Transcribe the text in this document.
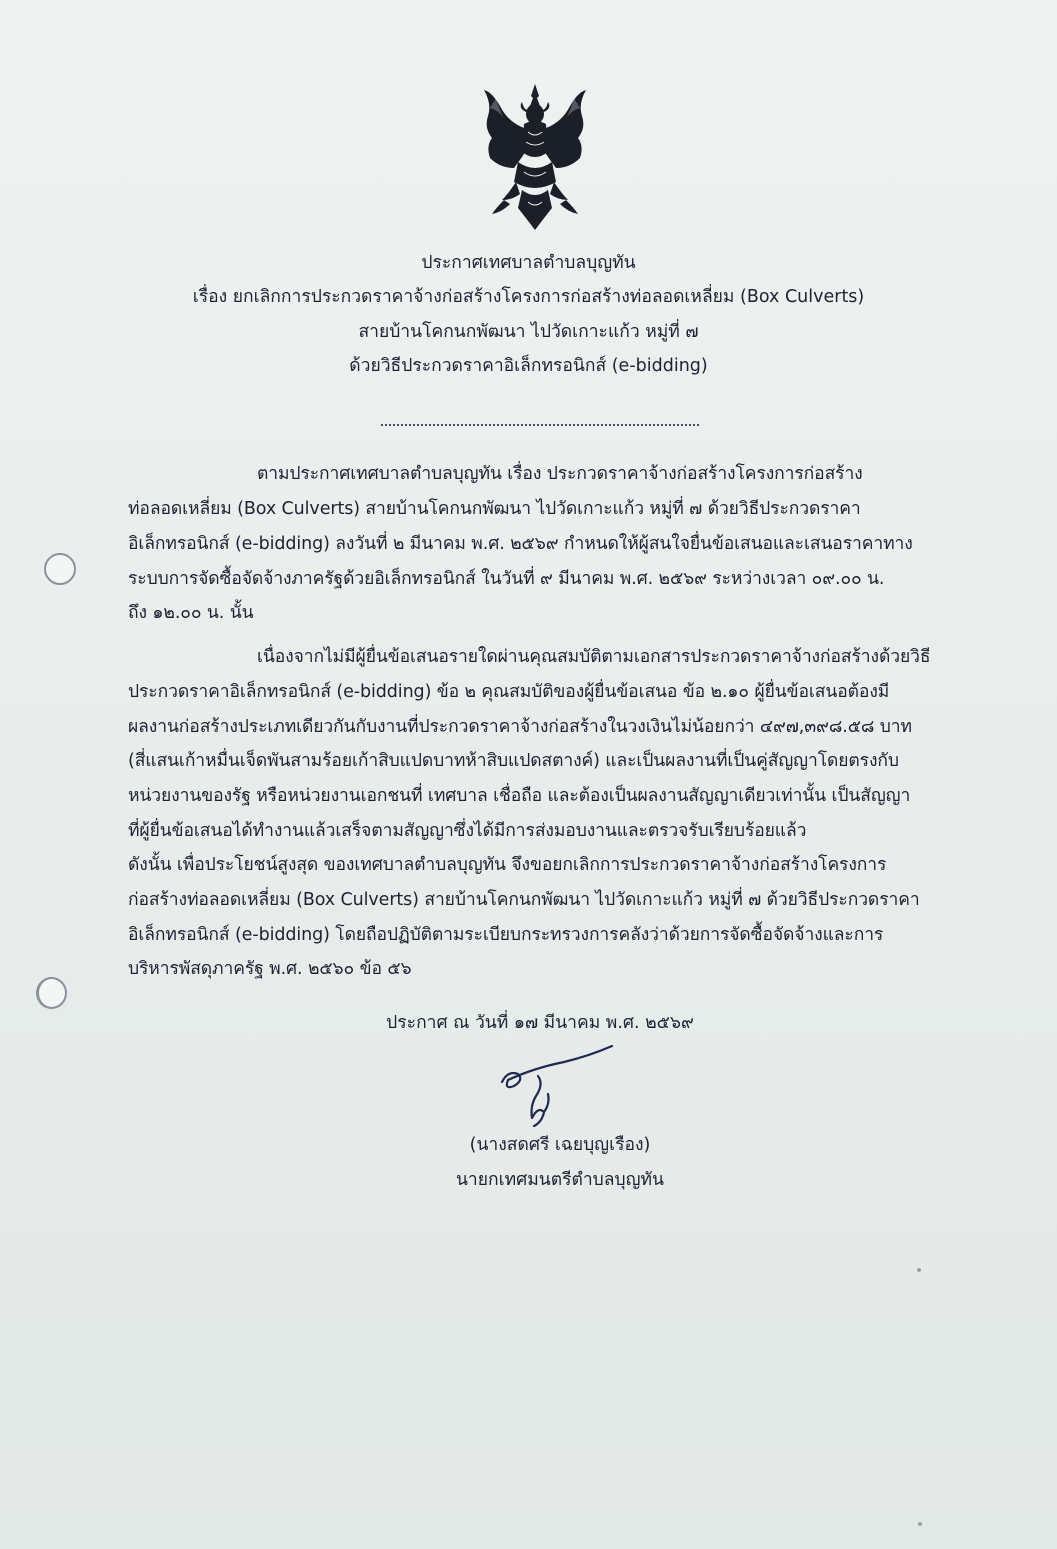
ประกาศเทศบาลตำบลบุญทัน
เรื่อง ยกเลิกการประกวดราคาจ้างก่อสร้างโครงการก่อสร้างท่อลอดเหลี่ยม (Box Culverts)
สายบ้านโคกนกพัฒนา ไปวัดเกาะแก้ว หมู่ที่ ๗
ด้วยวิธีประกวดราคาอิเล็กทรอนิกส์ (e-bidding)
ตามประกาศเทศบาลตำบลบุญทัน เรื่อง ประกวดราคาจ้างก่อสร้างโครงการก่อสร้าง
ท่อลอดเหลี่ยม (Box Culverts) สายบ้านโคกนกพัฒนา ไปวัดเกาะแก้ว หมู่ที่ ๗ ด้วยวิธีประกวดราคา
อิเล็กทรอนิกส์ (e-bidding) ลงวันที่ ๒ มีนาคม พ.ศ. ๒๕๖๙ กำหนดให้ผู้สนใจยื่นข้อเสนอและเสนอราคาทาง
ระบบการจัดซื้อจัดจ้างภาครัฐด้วยอิเล็กทรอนิกส์ ในวันที่ ๙ มีนาคม พ.ศ. ๒๕๖๙ ระหว่างเวลา ๐๙.๐๐ น.
ถึง ๑๒.๐๐ น. นั้น
เนื่องจากไม่มีผู้ยื่นข้อเสนอรายใดผ่านคุณสมบัติตามเอกสารประกวดราคาจ้างก่อสร้างด้วยวิธี
ประกวดราคาอิเล็กทรอนิกส์ (e-bidding) ข้อ ๒ คุณสมบัติของผู้ยื่นข้อเสนอ ข้อ ๒.๑๐ ผู้ยื่นข้อเสนอต้องมี
ผลงานก่อสร้างประเภทเดียวกันกับงานที่ประกวดราคาจ้างก่อสร้างในวงเงินไม่น้อยกว่า ๔๙๗,๓๙๘.๕๘ บาท
(สี่แสนเก้าหมื่นเจ็ดพันสามร้อยเก้าสิบแปดบาทห้าสิบแปดสตางค์) และเป็นผลงานที่เป็นคู่สัญญาโดยตรงกับ
หน่วยงานของรัฐ หรือหน่วยงานเอกชนที่ เทศบาล เชื่อถือ และต้องเป็นผลงานสัญญาเดียวเท่านั้น เป็นสัญญา
ที่ผู้ยื่นข้อเสนอได้ทำงานแล้วเสร็จตามสัญญาซึ่งได้มีการส่งมอบงานและตรวจรับเรียบร้อยแล้ว
ดังนั้น เพื่อประโยชน์สูงสุด ของเทศบาลตำบลบุญทัน จึงขอยกเลิกการประกวดราคาจ้างก่อสร้างโครงการ
ก่อสร้างท่อลอดเหลี่ยม (Box Culverts) สายบ้านโคกนกพัฒนา ไปวัดเกาะแก้ว หมู่ที่ ๗ ด้วยวิธีประกวดราคา
อิเล็กทรอนิกส์ (e-bidding) โดยถือปฏิบัติตามระเบียบกระทรวงการคลังว่าด้วยการจัดซื้อจัดจ้างและการ
บริหารพัสดุภาครัฐ พ.ศ. ๒๕๖๐ ข้อ ๕๖
ประกาศ ณ วันที่ ๑๗ มีนาคม พ.ศ. ๒๕๖๙
(นางสดศรี เฉยบุญเรือง)
นายกเทศมนตรีตำบลบุญทัน
